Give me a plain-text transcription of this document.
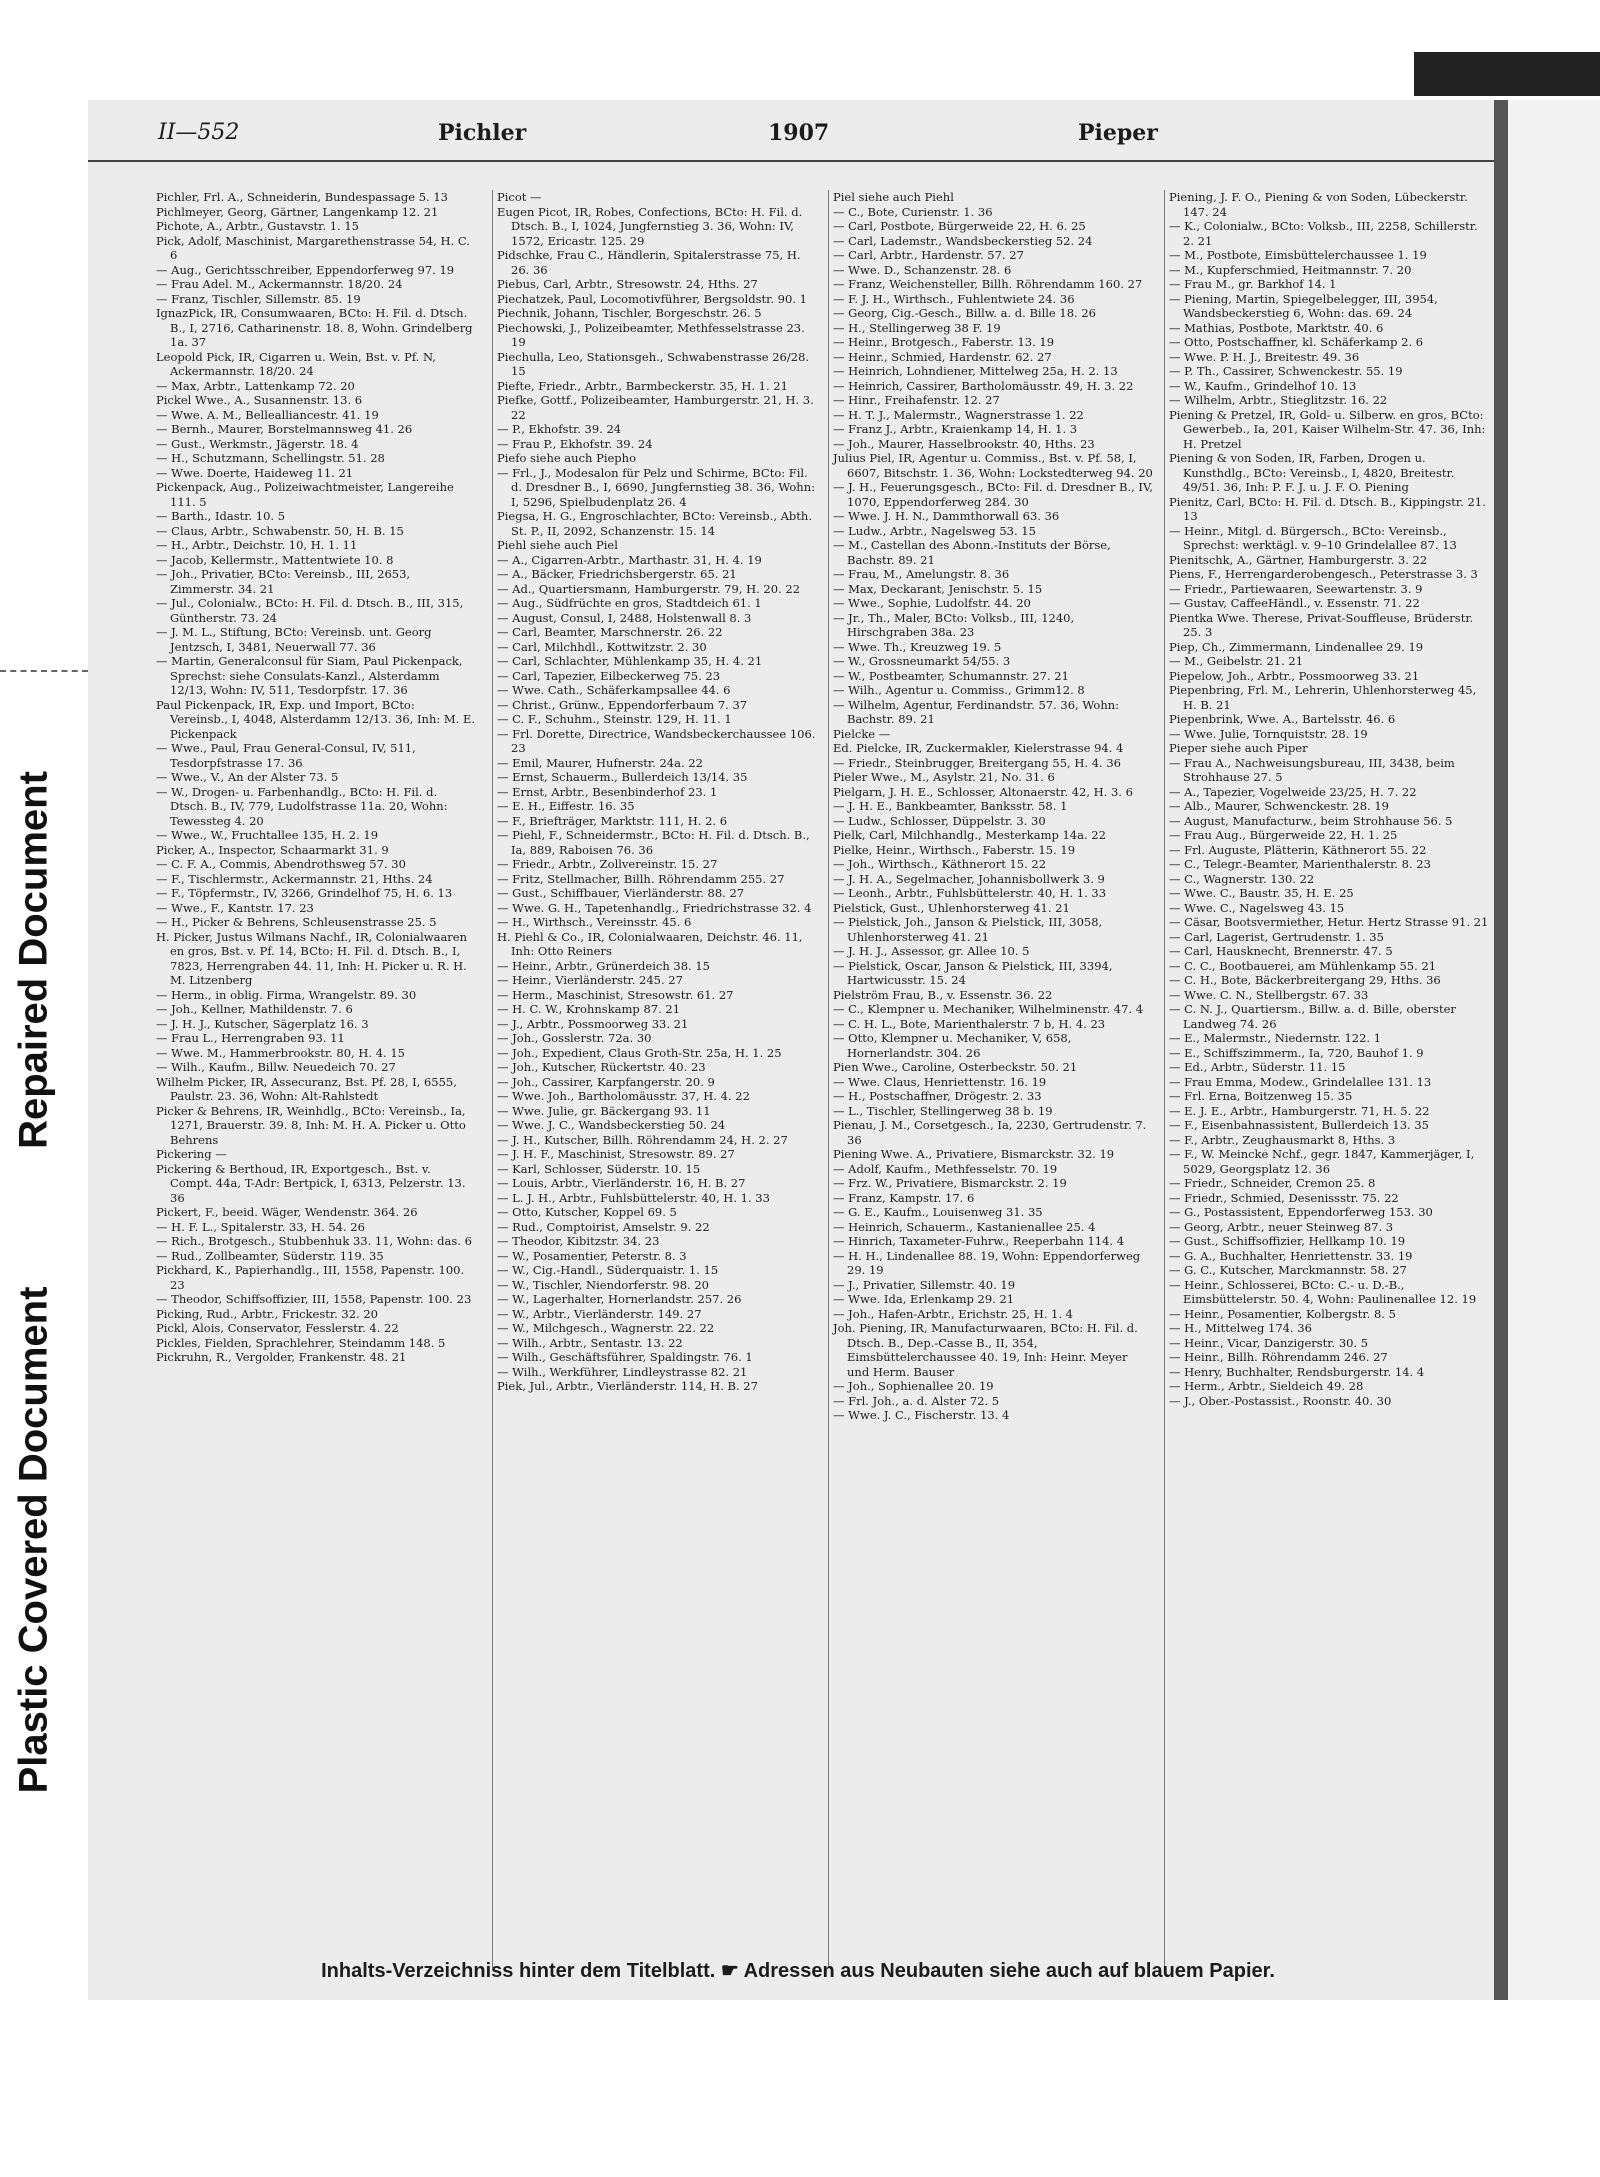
Repaired Document
Plastic Covered Document
II—552	Pichler	1907	Pieper

Pichler, Frl. A., Schneiderin, Bundespassage 5. 13

Pichlmeyer, Georg, Gärtner, Langenkamp 12. 21

Pichote, A., Arbtr., Gustavstr. 1. 15

Pick, Adolf, Maschinist, Margarethenstrasse 54, H. C. 6

— Aug., Gerichtsschreiber, Eppendorferweg 97. 19

— Frau Adel. M., Ackermannstr. 18/20. 24

— Franz, Tischler, Sillemstr. 85. 19

IgnazPick, IR, Consumwaaren, BCto: H. Fil. d. Dtsch. B., I, 2716, Catharinenstr. 18. 8, Wohn. Grindelberg 1a. 37

Leopold Pick, IR, Cigarren u. Wein, Bst. v. Pf. N, Ackermannstr. 18/20. 24

— Max, Arbtr., Lattenkamp 72. 20

Pickel Wwe., A., Susannenstr. 13. 6

— Wwe. A. M., Bellealliancestr. 41. 19

— Bernh., Maurer, Borstelmannsweg 41. 26

— Gust., Werkmstr., Jägerstr. 18. 4

— H., Schutzmann, Schellingstr. 51. 28

— Wwe. Doerte, Haideweg 11. 21

Pickenpack, Aug., Polizeiwachtmeister, Langereihe 111. 5

— Barth., Idastr. 10. 5

— Claus, Arbtr., Schwabenstr. 50, H. B. 15

— H., Arbtr., Deichstr. 10, H. 1. 11

— Jacob, Kellermstr., Mattentwiete 10. 8

— Joh., Privatier, BCto: Vereinsb., III, 2653, Zimmerstr. 34. 21

— Jul., Colonialw., BCto: H. Fil. d. Dtsch. B., III, 315, Güntherstr. 73. 24

— J. M. L., Stiftung, BCto: Vereinsb. unt. Georg Jentzsch, I, 3481, Neuerwall 77. 36

— Martin, Generalconsul für Siam, Paul Pickenpack, Sprechst: siehe Consulats-Kanzl., Alsterdamm 12/13, Wohn: IV, 511, Tesdorpfstr. 17. 36

Paul Pickenpack, IR, Exp. und Import, BCto: Vereinsb., I, 4048, Alsterdamm 12/13. 36, Inh: M. E. Pickenpack

— Wwe., Paul, Frau General-Consul, IV, 511, Tesdorpfstrasse 17. 36

— Wwe., V., An der Alster 73. 5

— W., Drogen- u. Farbenhandlg., BCto: H. Fil. d. Dtsch. B., IV, 779, Ludolfstrasse 11a. 20, Wohn: Tewessteg 4. 20

— Wwe., W., Fruchtallee 135, H. 2. 19

Picker, A., Inspector, Schaarmarkt 31. 9

— C. F. A., Commis, Abendrothsweg 57. 30

— F., Tischlermstr., Ackermannstr. 21, Hths. 24

— F., Töpfermstr., IV, 3266, Grindelhof 75, H. 6. 13

— Wwe., F., Kantstr. 17. 23

— H., Picker & Behrens, Schleusenstrasse 25. 5

H. Picker, Justus Wilmans Nachf., IR, Colonialwaaren en gros, Bst. v. Pf. 14, BCto: H. Fil. d. Dtsch. B., I, 7823, Herrengraben 44. 11, Inh: H. Picker u. R. H. M. Litzenberg

— Herm., in oblig. Firma, Wrangelstr. 89. 30

— Joh., Kellner, Mathildenstr. 7. 6

— J. H. J., Kutscher, Sägerplatz 16. 3

— Frau L., Herrengraben 93. 11

— Wwe. M., Hammerbrookstr. 80, H. 4. 15

— Wilh., Kaufm., Billw. Neuedeich 70. 27

Wilhelm Picker, IR, Assecuranz, Bst. Pf. 28, I, 6555, Paulstr. 23. 36, Wohn: Alt-Rahlstedt

Picker & Behrens, IR, Weinhdlg., BCto: Vereinsb., Ia, 1271, Brauerstr. 39. 8, Inh: M. H. A. Picker u. Otto Behrens

Pickering —

Pickering & Berthoud, IR, Exportgesch., Bst. v. Compt. 44a, T-Adr: Bertpick, I, 6313, Pelzerstr. 13. 36

Pickert, F., beeid. Wäger, Wendenstr. 364. 26

— H. F. L., Spitalerstr. 33, H. 54. 26

— Rich., Brotgesch., Stubbenhuk 33. 11, Wohn: das. 6

— Rud., Zollbeamter, Süderstr. 119. 35

Pickhard, K., Papierhandlg., III, 1558, Papenstr. 100. 23

— Theodor, Schiffsoffizier, III, 1558, Papenstr. 100. 23

Picking, Rud., Arbtr., Frickestr. 32. 20

Pickl, Alois, Conservator, Fesslerstr. 4. 22

Pickles, Fielden, Sprachlehrer, Steindamm 148. 5

Pickruhn, R., Vergolder, Frankenstr. 48. 21

Picot —

Eugen Picot, IR, Robes, Confections, BCto: H. Fil. d. Dtsch. B., I, 1024, Jungfernstieg 3. 36, Wohn: IV, 1572, Ericastr. 125. 29

Pidschke, Frau C., Händlerin, Spitalerstrasse 75, H. 26. 36

Piebus, Carl, Arbtr., Stresowstr. 24, Hths. 27

Piechatzek, Paul, Locomotivführer, Bergsoldstr. 90. 1

Piechnik, Johann, Tischler, Borgeschstr. 26. 5

Piechowski, J., Polizeibeamter, Methfesselstrasse 23. 19

Piechulla, Leo, Stationsgeh., Schwabenstrasse 26/28. 15

Piefte, Friedr., Arbtr., Barmbeckerstr. 35, H. 1. 21

Piefke, Gottf., Polizeibeamter, Hamburgerstr. 21, H. 3. 22

— P., Ekhofstr. 39. 24

— Frau P., Ekhofstr. 39. 24

Piefo siehe auch Piepho

— Frl., J., Modesalon für Pelz und Schirme, BCto: Fil. d. Dresdner B., I, 6690, Jungfernstieg 38. 36, Wohn: I, 5296, Spielbudenplatz 26. 4

Piegsa, H. G., Engroschlachter, BCto: Vereinsb., Abth. St. P., II, 2092, Schanzenstr. 15. 14

Piehl siehe auch Piel

— A., Cigarren-Arbtr., Marthastr. 31, H. 4. 19

— A., Bäcker, Friedrichsbergerstr. 65. 21

— Ad., Quartiersmann, Hamburgerstr. 79, H. 20. 22

— Aug., Südfrüchte en gros, Stadtdeich 61. 1

— August, Consul, I, 2488, Holstenwall 8. 3

— Carl, Beamter, Marschnerstr. 26. 22

— Carl, Milchhdl., Kottwitzstr. 2. 30

— Carl, Schlachter, Mühlenkamp 35, H. 4. 21

— Carl, Tapezier, Eilbeckerweg 75. 23

— Wwe. Cath., Schäferkampsallee 44. 6

— Christ., Grünw., Eppendorferbaum 7. 37

— C. F., Schuhm., Steinstr. 129, H. 11. 1

— Frl. Dorette, Directrice, Wandsbeckerchaussee 106. 23

— Emil, Maurer, Hufnerstr. 24a. 22

— Ernst, Schauerm., Bullerdeich 13/14. 35

— Ernst, Arbtr., Besenbinderhof 23. 1

— E. H., Eiffestr. 16. 35

— F., Briefträger, Marktstr. 111, H. 2. 6

— Piehl, F., Schneidermstr., BCto: H. Fil. d. Dtsch. B., Ia, 889, Raboisen 76. 36

— Friedr., Arbtr., Zollvereinstr. 15. 27

— Fritz, Stellmacher, Billh. Röhrendamm 255. 27

— Gust., Schiffbauer, Vierländerstr. 88. 27

— Wwe. G. H., Tapetenhandlg., Friedrichstrasse 32. 4

— H., Wirthsch., Vereinsstr. 45. 6

H. Piehl & Co., IR, Colonialwaaren, Deichstr. 46. 11, Inh: Otto Reiners

— Heinr., Arbtr., Grünerdeich 38. 15

— Heinr., Vierländerstr. 245. 27

— Herm., Maschinist, Stresowstr. 61. 27

— H. C. W., Krohnskamp 87. 21

— J., Arbtr., Possmoorweg 33. 21

— Joh., Gosslerstr. 72a. 30

— Joh., Expedient, Claus Groth-Str. 25a, H. 1. 25

— Joh., Kutscher, Rückertstr. 40. 23

— Joh., Cassirer, Karpfangerstr. 20. 9

— Wwe. Joh., Bartholomäusstr. 37, H. 4. 22

— Wwe. Julie, gr. Bäckergang 93. 11

— Wwe. J. C., Wandsbeckerstieg 50. 24

— J. H., Kutscher, Billh. Röhrendamm 24, H. 2. 27

— J. H. F., Maschinist, Stresowstr. 89. 27

— Karl, Schlosser, Süderstr. 10. 15

— Louis, Arbtr., Vierländerstr. 16, H. B. 27

— L. J. H., Arbtr., Fuhlsbüttelerstr. 40, H. 1. 33

— Otto, Kutscher, Koppel 69. 5

— Rud., Comptoirist, Amselstr. 9. 22

— Theodor, Kibitzstr. 34. 23

— W., Posamentier, Peterstr. 8. 3

— W., Cig.-Handl., Süderquaistr. 1. 15

— W., Tischler, Niendorferstr. 98. 20

— W., Lagerhalter, Hornerlandstr. 257. 26

— W., Arbtr., Vierländerstr. 149. 27

— W., Milchgesch., Wagnerstr. 22. 22

— Wilh., Arbtr., Sentastr. 13. 22

— Wilh., Geschäftsführer, Spaldingstr. 76. 1

— Wilh., Werkführer, Lindleystrasse 82. 21

Piek, Jul., Arbtr., Vierländerstr. 114, H. B. 27

Piel siehe auch Piehl

— C., Bote, Curienstr. 1. 36

— Carl, Postbote, Bürgerweide 22, H. 6. 25

— Carl, Lademstr., Wandsbeckerstieg 52. 24

— Carl, Arbtr., Hardenstr. 57. 27

— Wwe. D., Schanzenstr. 28. 6

— Franz, Weichensteller, Billh. Röhrendamm 160. 27

— F. J. H., Wirthsch., Fuhlentwiete 24. 36

— Georg, Cig.-Gesch., Billw. a. d. Bille 18. 26

— H., Stellingerweg 38 F. 19

— Heinr., Brotgesch., Faberstr. 13. 19

— Heinr., Schmied, Hardenstr. 62. 27

— Heinrich, Lohndiener, Mittelweg 25a, H. 2. 13

— Heinrich, Cassirer, Bartholomäusstr. 49, H. 3. 22

— Hinr., Freihafenstr. 12. 27

— H. T. J., Malermstr., Wagnerstrasse 1. 22

— Franz J., Arbtr., Kraienkamp 14, H. 1. 3

— Joh., Maurer, Hasselbrookstr. 40, Hths. 23

Julius Piel, IR, Agentur u. Commiss., Bst. v. Pf. 58, I, 6607, Bitschstr. 1. 36, Wohn: Lockstedterweg 94. 20

— J. H., Feuerungsgesch., BCto: Fil. d. Dresdner B., IV, 1070, Eppendorferweg 284. 30

— Wwe. J. H. N., Dammthorwall 63. 36

— Ludw., Arbtr., Nagelsweg 53. 15

— M., Castellan des Abonn.-Instituts der Börse, Bachstr. 89. 21

— Frau, M., Amelungstr. 8. 36

— Max, Deckarant, Jenischstr. 5. 15

— Wwe., Sophie, Ludolfstr. 44. 20

— Jr., Th., Maler, BCto: Volksb., III, 1240, Hirschgraben 38a. 23

— Wwe. Th., Kreuzweg 19. 5

— W., Grossneumarkt 54/55. 3

— W., Postbeamter, Schumannstr. 27. 21

— Wilh., Agentur u. Commiss., Grimm12. 8

— Wilhelm, Agentur, Ferdinandstr. 57. 36, Wohn: Bachstr. 89. 21

Pielcke —

Ed. Pielcke, IR, Zuckermakler, Kielerstrasse 94. 4

— Friedr., Steinbrugger, Breitergang 55, H. 4. 36

Pieler Wwe., M., Asylstr. 21, No. 31. 6

Pielgarn, J. H. E., Schlosser, Altonaerstr. 42, H. 3. 6

— J. H. E., Bankbeamter, Banksstr. 58. 1

— Ludw., Schlosser, Düppelstr. 3. 30

Pielk, Carl, Milchhandlg., Mesterkamp 14a. 22

Pielke, Heinr., Wirthsch., Faberstr. 15. 19

— Joh., Wirthsch., Käthnerort 15. 22

— J. H. A., Segelmacher, Johannisbollwerk 3. 9

— Leonh., Arbtr., Fuhlsbüttelerstr. 40, H. 1. 33

Pielstick, Gust., Uhlenhorsterweg 41. 21

— Pielstick, Joh., Janson & Pielstick, III, 3058, Uhlenhorsterweg 41. 21

— J. H. J., Assessor, gr. Allee 10. 5

— Pielstick, Oscar, Janson & Pielstick, III, 3394, Hartwicusstr. 15. 24

Pielström Frau, B., v. Essenstr. 36. 22

— C., Klempner u. Mechaniker, Wilhelminenstr. 47. 4

— C. H. L., Bote, Marienthalerstr. 7 b, H. 4. 23

— Otto, Klempner u. Mechaniker, V, 658, Hornerlandstr. 304. 26

Pien Wwe., Caroline, Osterbeckstr. 50. 21

— Wwe. Claus, Henriettenstr. 16. 19

— H., Postschaffner, Drögestr. 2. 33

— L., Tischler, Stellingerweg 38 b. 19

Pienau, J. M., Corsetgesch., Ia, 2230, Gertrudenstr. 7. 36

Piening Wwe. A., Privatiere, Bismarckstr. 32. 19

— Adolf, Kaufm., Methfesselstr. 70. 19

— Frz. W., Privatiere, Bismarckstr. 2. 19

— Franz, Kampstr. 17. 6

— G. E., Kaufm., Louisenweg 31. 35

— Heinrich, Schauerm., Kastanienallee 25. 4

— Hinrich, Taxameter-Fuhrw., Reeperbahn 114. 4

— H. H., Lindenallee 88. 19, Wohn: Eppendorferweg 29. 19

— J., Privatier, Sillemstr. 40. 19

— Wwe. Ida, Erlenkamp 29. 21

— Joh., Hafen-Arbtr., Erichstr. 25, H. 1. 4

Joh. Piening, IR, Manufacturwaaren, BCto: H. Fil. d. Dtsch. B., Dep.-Casse B., II, 354, Eimsbüttelerchaussee 40. 19, Inh: Heinr. Meyer und Herm. Bauser

— Joh., Sophienallee 20. 19

— Frl. Joh., a. d. Alster 72. 5

— Wwe. J. C., Fischerstr. 13. 4

Piening, J. F. O., Piening & von Soden, Lübeckerstr. 147. 24

— K., Colonialw., BCto: Volksb., III, 2258, Schillerstr. 2. 21

— M., Postbote, Eimsbüttelerchaussee 1. 19

— M., Kupferschmied, Heitmannstr. 7. 20

— Frau M., gr. Barkhof 14. 1

— Piening, Martin, Spiegelbelegger, III, 3954, Wandsbeckerstieg 6, Wohn: das. 69. 24

— Mathias, Postbote, Marktstr. 40. 6

— Otto, Postschaffner, kl. Schäferkamp 2. 6

— Wwe. P. H. J., Breitestr. 49. 36

— P. Th., Cassirer, Schwenckestr. 55. 19

— W., Kaufm., Grindelhof 10. 13

— Wilhelm, Arbtr., Stieglitzstr. 16. 22

Piening & Pretzel, IR, Gold- u. Silberw. en gros, BCto: Gewerbeb., Ia, 201, Kaiser Wilhelm-Str. 47. 36, Inh: H. Pretzel

Piening & von Soden, IR, Farben, Drogen u. Kunsthdlg., BCto: Vereinsb., I, 4820, Breitestr. 49/51. 36, Inh: P. F. J. u. J. F. O. Piening

Pienitz, Carl, BCto: H. Fil. d. Dtsch. B., Kippingstr. 21. 13

— Heinr., Mitgl. d. Bürgersch., BCto: Vereinsb., Sprechst: werktägl. v. 9–10 Grindelallee 87. 13

Pienitschk, A., Gärtner, Hamburgerstr. 3. 22

Piens, F., Herrengarderobengesch., Peterstrasse 3. 3

— Friedr., Partiewaaren, Seewartenstr. 3. 9

— Gustav, CaffeeHändl., v. Essenstr. 71. 22

Pientka Wwe. Therese, Privat-Souffleuse, Brüderstr. 25. 3

Piep, Ch., Zimmermann, Lindenallee 29. 19

— M., Geibelstr. 21. 21

Piepelow, Joh., Arbtr., Possmoorweg 33. 21

Piepenbring, Frl. M., Lehrerin, Uhlenhorsterweg 45, H. B. 21

Piepenbrink, Wwe. A., Bartelsstr. 46. 6

— Wwe. Julie, Tornquiststr. 28. 19

Pieper siehe auch Piper

— Frau A., Nachweisungsbureau, III, 3438, beim Strohhause 27. 5

— A., Tapezier, Vogelweide 23/25, H. 7. 22

— Alb., Maurer, Schwenckestr. 28. 19

— August, Manufacturw., beim Strohhause 56. 5

— Frau Aug., Bürgerweide 22, H. 1. 25

— Frl. Auguste, Plätterin, Käthnerort 55. 22

— C., Telegr.-Beamter, Marienthalerstr. 8. 23

— C., Wagnerstr. 130. 22

— Wwe. C., Baustr. 35, H. E. 25

— Wwe. C., Nagelsweg 43. 15

— Cäsar, Bootsvermiether, Hetur. Hertz Strasse 91. 21

— Carl, Lagerist, Gertrudenstr. 1. 35

— Carl, Hausknecht, Brennerstr. 47. 5

— C. C., Bootbauerei, am Mühlenkamp 55. 21

— C. H., Bote, Bäckerbreitergang 29, Hths. 36

— Wwe. C. N., Stellbergstr. 67. 33

— C. N. J., Quartiersm., Billw. a. d. Bille, oberster Landweg 74. 26

— E., Malermstr., Niedernstr. 122. 1

— E., Schiffszimmerm., Ia, 720, Bauhof 1. 9

— Ed., Arbtr., Süderstr. 11. 15

— Frau Emma, Modew., Grindelallee 131. 13

— Frl. Erna, Boitzenweg 15. 35

— E. J. E., Arbtr., Hamburgerstr. 71, H. 5. 22

— F., Eisenbahnassistent, Bullerdeich 13. 35

— F., Arbtr., Zeughausmarkt 8, Hths. 3

— F., W. Meincke Nchf., gegr. 1847, Kammerjäger, I, 5029, Georgsplatz 12. 36

— Friedr., Schneider, Cremon 25. 8

— Friedr., Schmied, Desenissstr. 75. 22

— G., Postassistent, Eppendorferweg 153. 30

— Georg, Arbtr., neuer Steinweg 87. 3

— Gust., Schiffsoffizier, Hellkamp 10. 19

— G. A., Buchhalter, Henriettenstr. 33. 19

— G. C., Kutscher, Marckmannstr. 58. 27

— Heinr., Schlosserei, BCto: C.- u. D.-B., Eimsbüttelerstr. 50. 4, Wohn: Paulinenallee 12. 19

— Heinr., Posamentier, Kolbergstr. 8. 5

— H., Mittelweg 174. 36

— Heinr., Vicar, Danzigerstr. 30. 5

— Heinr., Billh. Röhrendamm 246. 27

— Henry, Buchhalter, Rendsburgerstr. 14. 4

— Herm., Arbtr., Sieldeich 49. 28

— J., Ober.-Postassist., Roonstr. 40. 30

Inhalts-Verzeichniss hinter dem Titelblatt. ☛ Adressen aus Neubauten siehe auch auf blauem Papier.
